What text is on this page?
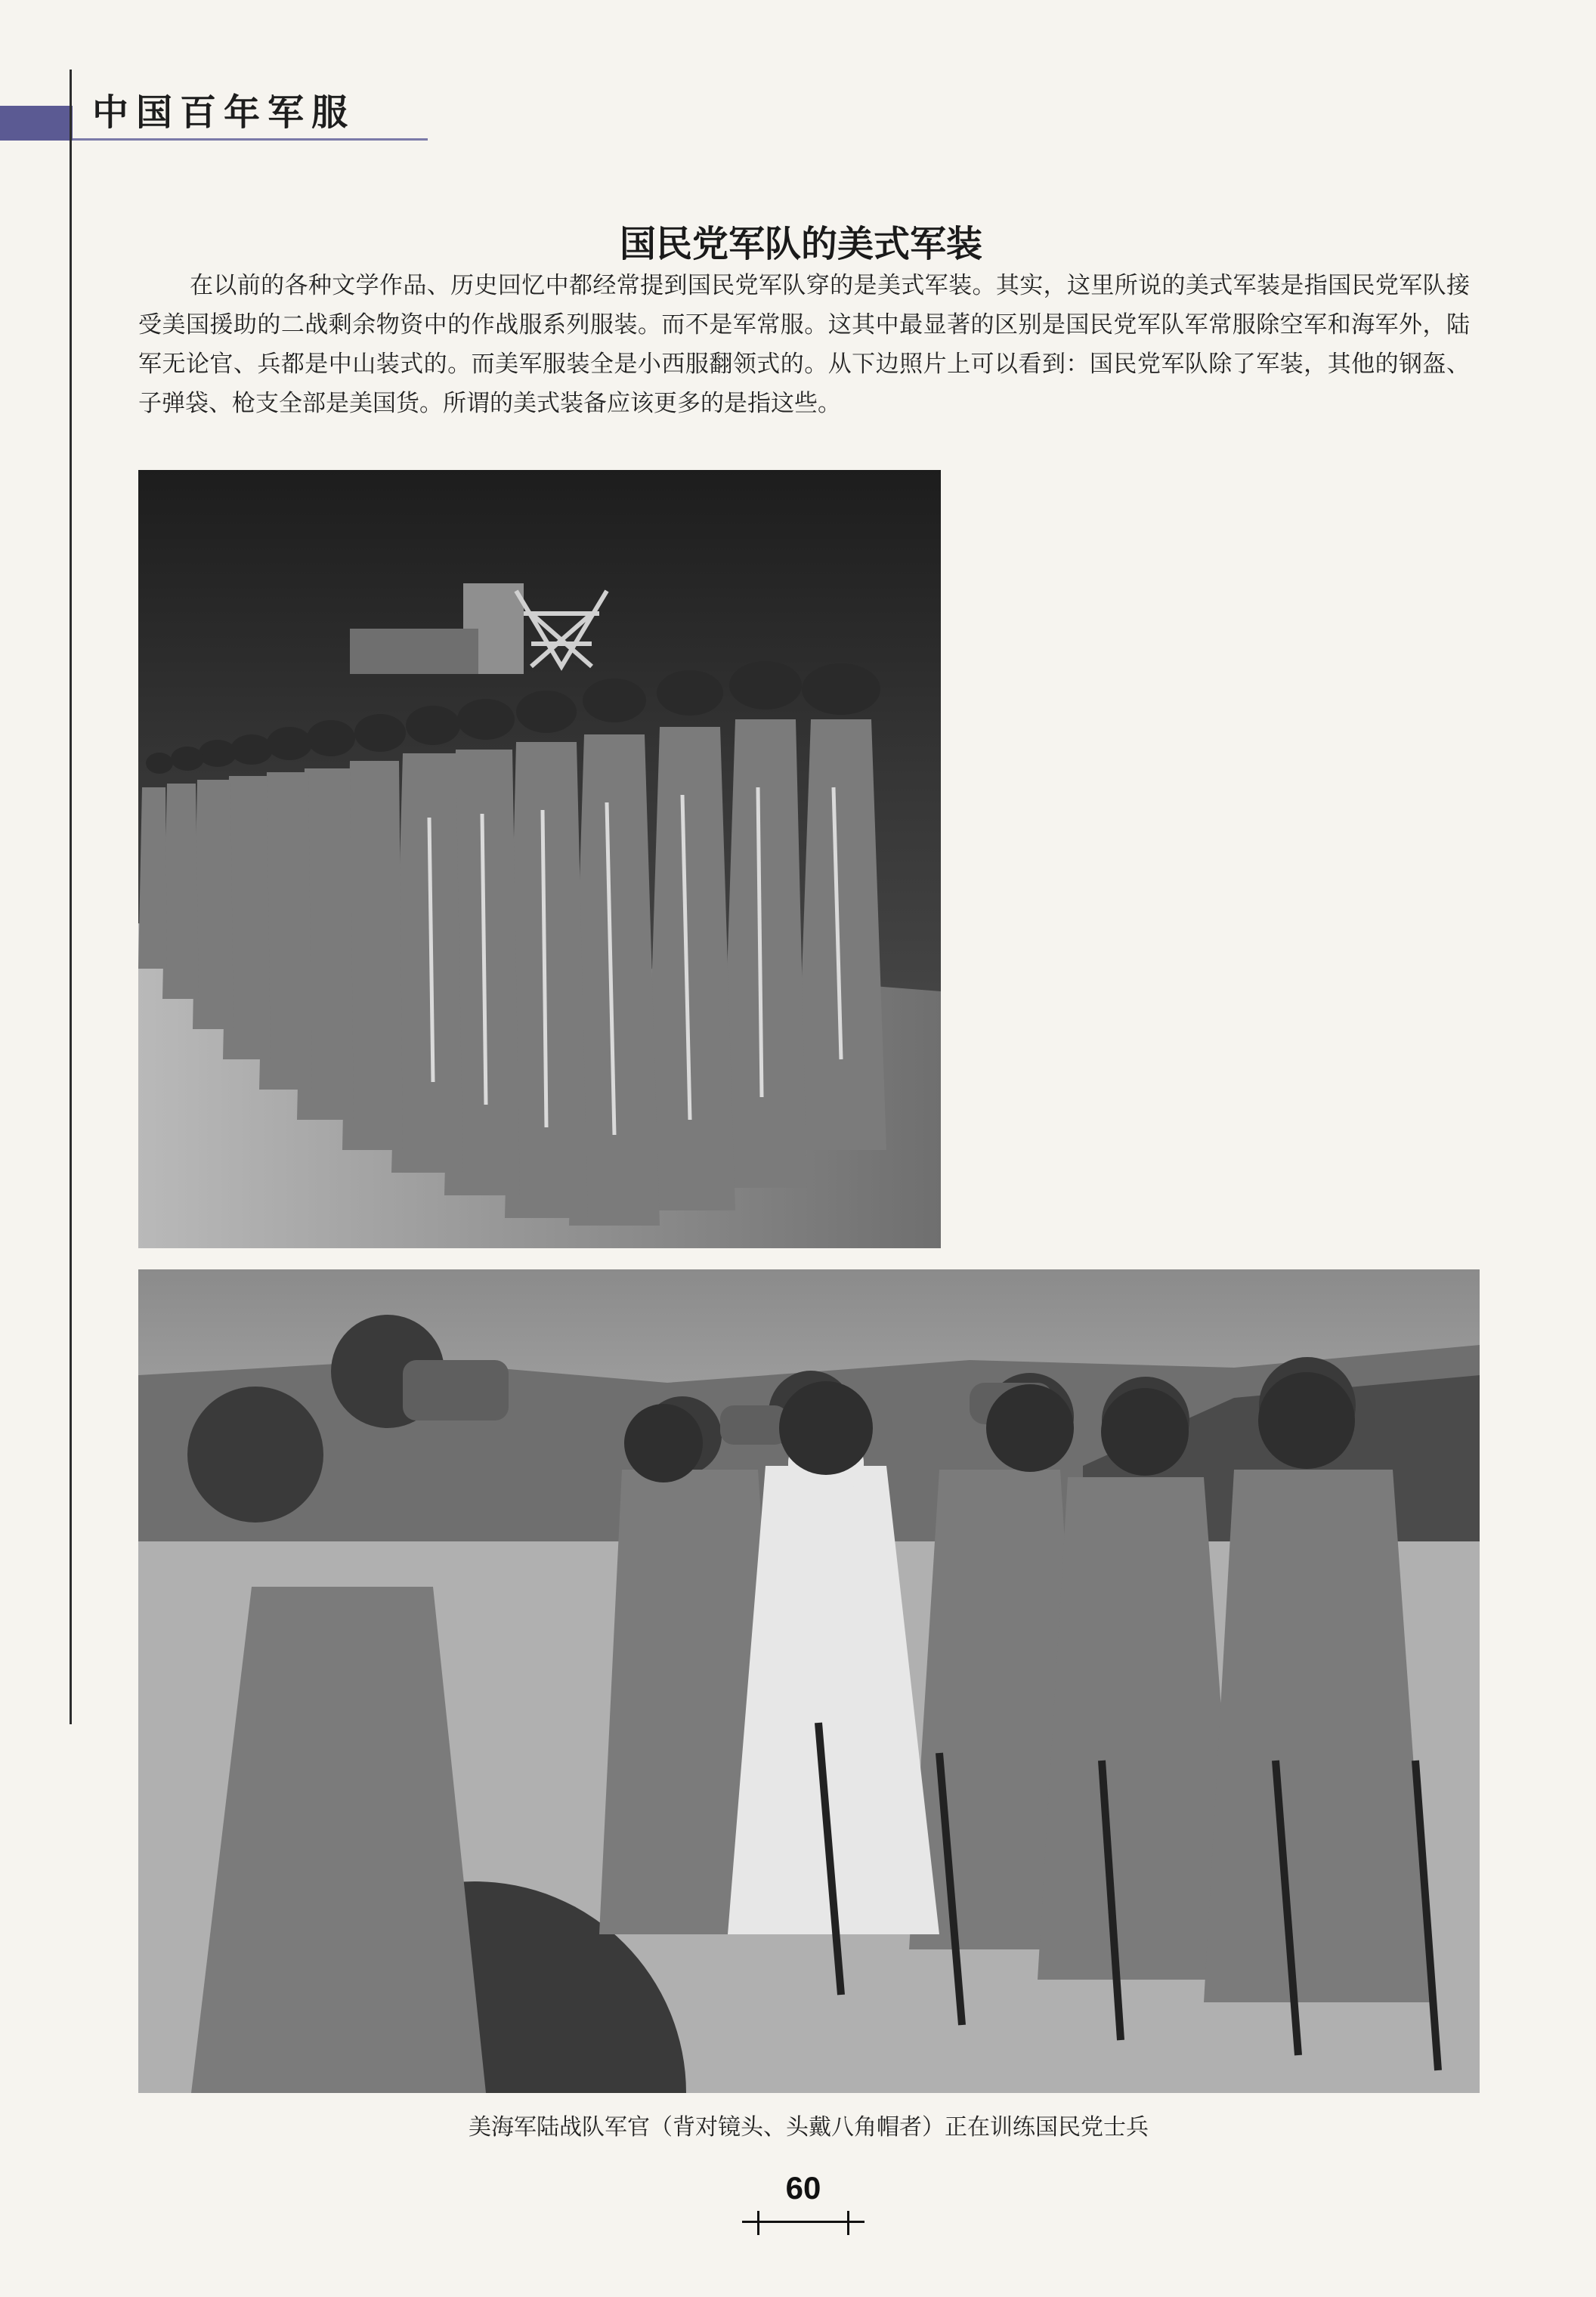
中国百年军服
国民党军队的美式军装
在以前的各种文学作品、历史回忆中都经常提到国民党军队穿的是美式军装。其实，这里所说的美式军装是指国民党军队接受美国援助的二战剩余物资中的作战服系列服装。而不是军常服。这其中最显著的区别是国民党军队军常服除空军和海军外，陆军无论官、兵都是中山装式的。而美军服装全是小西服翻领式的。从下边照片上可以看到：国民党军队除了军装，其他的钢盔、子弹袋、枪支全部是美国货。所谓的美式装备应该更多的是指这些。
美海军陆战队军官（背对镜头、头戴八角帽者）正在训练国民党士兵
60
